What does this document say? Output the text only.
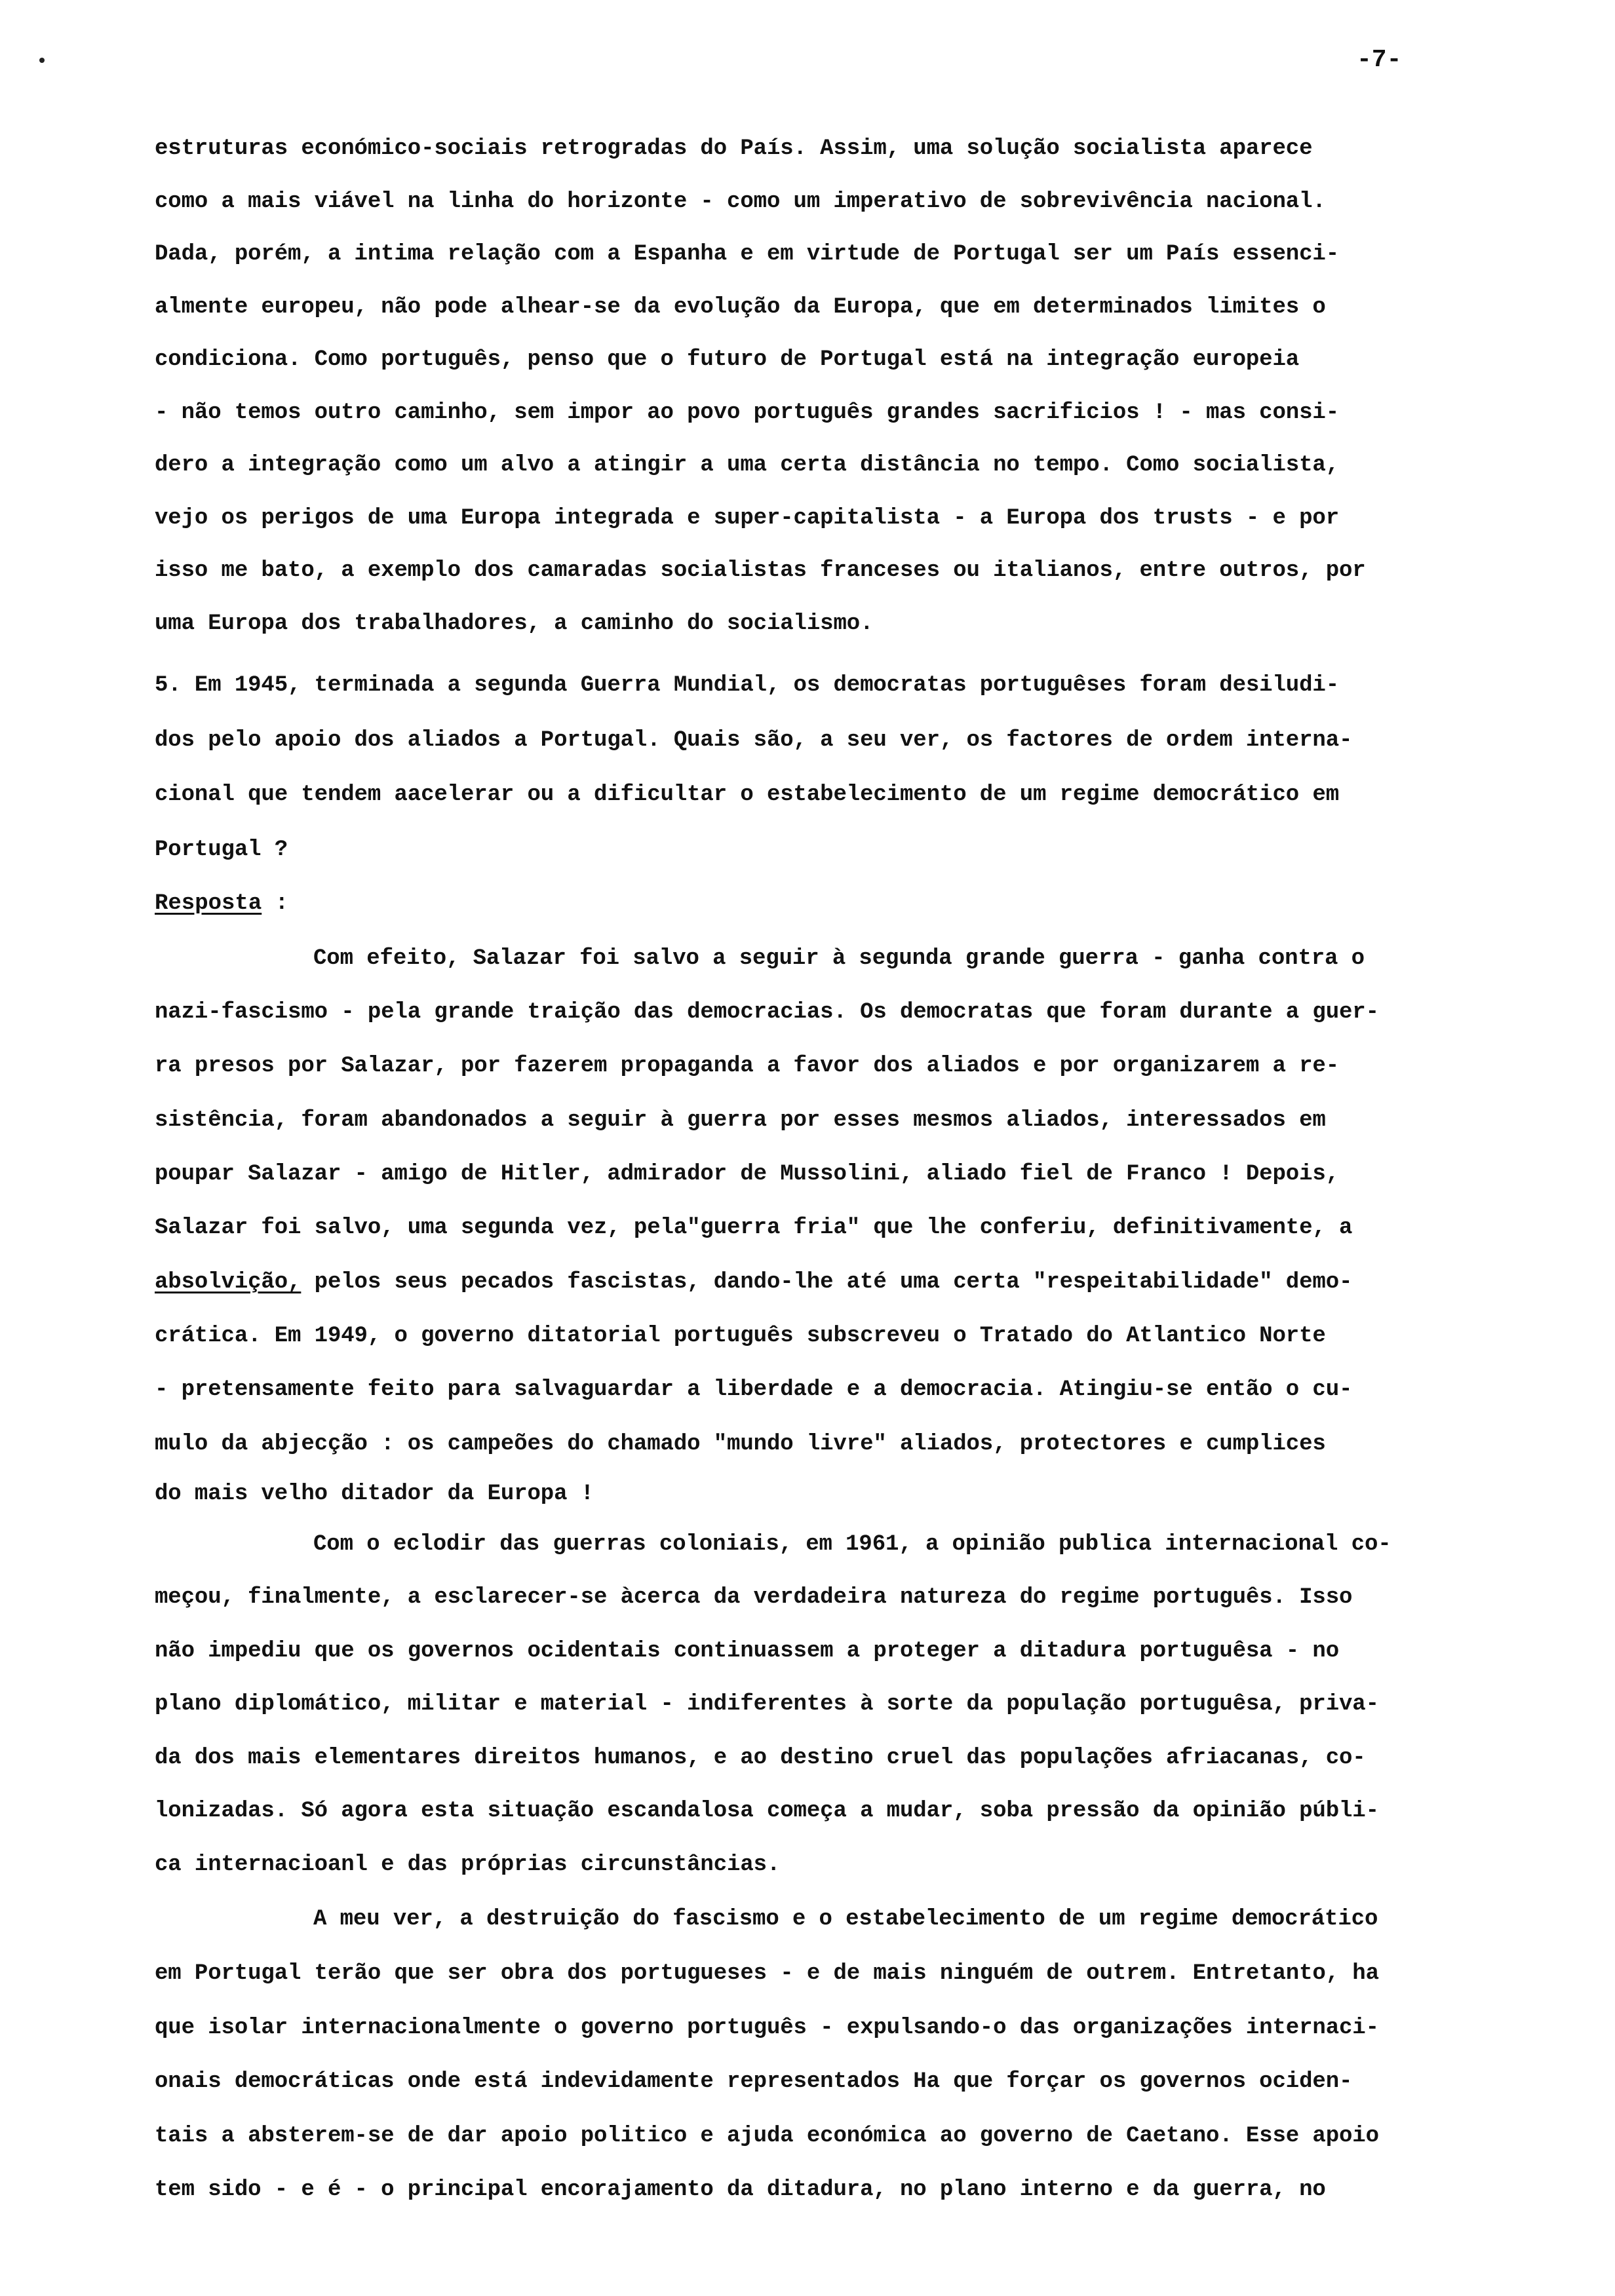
-7-
estruturas económico-sociais retrogradas do País. Assim, uma solução socialista aparece
como a mais viável na linha do horizonte - como um imperativo de sobrevivência nacional.
Dada, porém, a intima relação com a Espanha e em virtude de Portugal ser um País essenci-
almente europeu, não pode alhear-se da evolução da Europa, que em determinados limites o
condiciona. Como português, penso que o futuro de Portugal está na integração europeia
- não temos outro caminho, sem impor ao povo português grandes sacrificios ! - mas consi-
dero a integração como um alvo a atingir a uma certa distância no tempo. Como socialista,
vejo os perigos de uma Europa integrada e super-capitalista - a Europa dos trusts - e por
isso me bato, a exemplo dos camaradas socialistas franceses ou italianos, entre outros, por
uma Europa dos trabalhadores, a caminho do socialismo.
5. Em 1945, terminada a segunda Guerra Mundial, os democratas portuguêses foram desiludi-
dos pelo apoio dos aliados a Portugal. Quais são, a seu ver, os factores de ordem interna-
cional que tendem aacelerar ou a dificultar o estabelecimento de um regime democrático em
Portugal ?
Resposta :
Com efeito, Salazar foi salvo a seguir à segunda grande guerra - ganha contra o
nazi-fascismo - pela grande traição das democracias. Os democratas que foram durante a guer-
ra presos por Salazar, por fazerem propaganda a favor dos aliados e por organizarem a re-
sistência, foram abandonados a seguir à guerra por esses mesmos aliados, interessados em
poupar Salazar - amigo de Hitler, admirador de Mussolini, aliado fiel de Franco ! Depois,
Salazar foi salvo, uma segunda vez, pela"guerra fria" que lhe conferiu, definitivamente, a
absolvição, pelos seus pecados fascistas, dando-lhe até uma certa "respeitabilidade" demo-
crática. Em 1949, o governo ditatorial português subscreveu o Tratado do Atlantico Norte
- pretensamente feito para salvaguardar a liberdade e a democracia. Atingiu-se então o cu-
mulo da abjecção : os campeões do chamado "mundo livre" aliados, protectores e cumplices
do mais velho ditador da Europa !
Com o eclodir das guerras coloniais, em 1961, a opinião publica internacional co-
meçou, finalmente, a esclarecer-se àcerca da verdadeira natureza do regime português. Isso
não impediu que os governos ocidentais continuassem a proteger a ditadura portuguêsa - no
plano diplomático, militar e material - indiferentes à sorte da população portuguêsa, priva-
da dos mais elementares direitos humanos, e ao destino cruel das populações afriacanas, co-
lonizadas. Só agora esta situação escandalosa começa a mudar, soba pressão da opinião públi-
ca internacioanl e das próprias circunstâncias.
A meu ver, a destruição do fascismo e o estabelecimento de um regime democrático
em Portugal terão que ser obra dos portugueses - e de mais ninguém de outrem. Entretanto, ha
que isolar internacionalmente o governo português - expulsando-o das organizações internaci-
onais democráticas onde está indevidamente representados Ha que forçar os governos ociden-
tais a absterem-se de dar apoio politico e ajuda económica ao governo de Caetano. Esse apoio
tem sido - e é - o principal encorajamento da ditadura, no plano interno e da guerra, no
